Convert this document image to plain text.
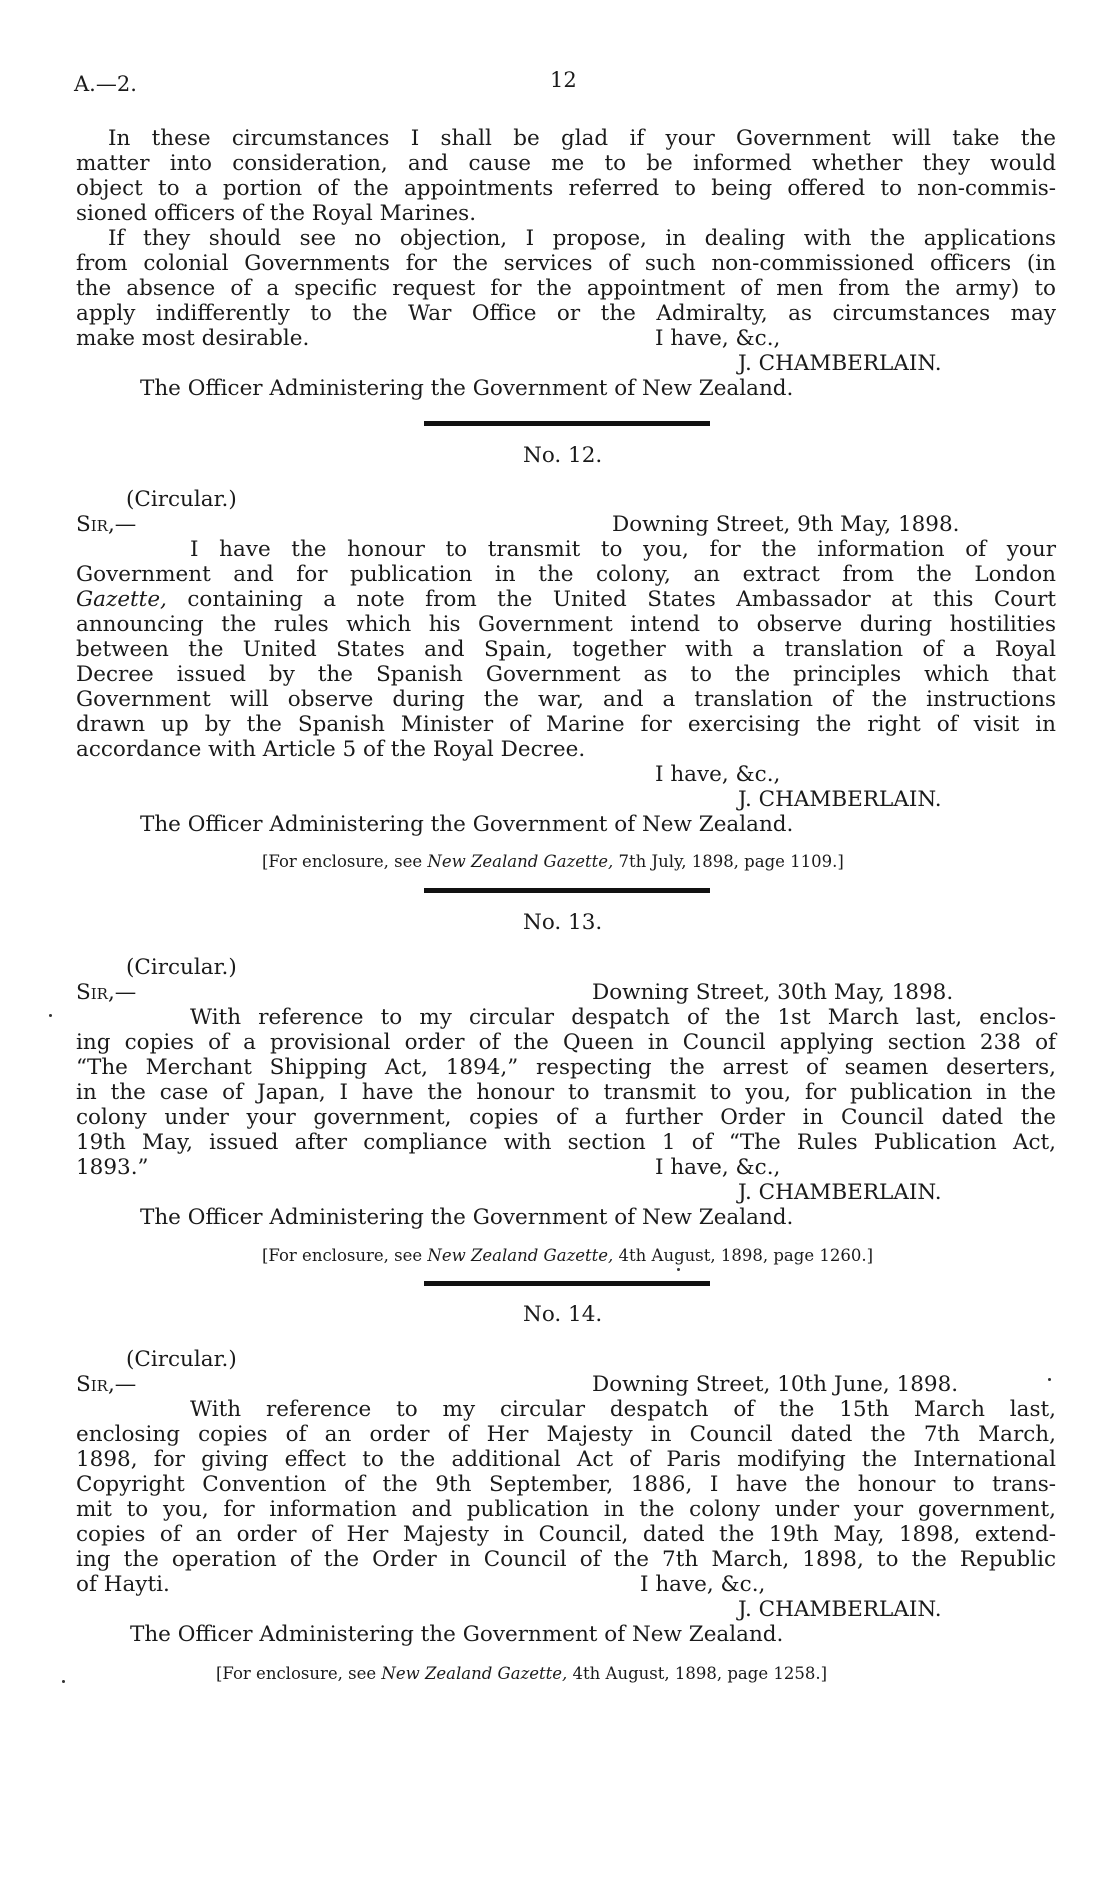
A.—2.	12
In these circumstances I shall be glad if your Government will take the
matter into consideration, and cause me to be informed whether they would
object to a portion of the appointments referred to being offered to non-commis-
sioned officers of the Royal Marines.
If they should see no objection, I propose, in dealing with the applications
from colonial Governments for the services of such non-commissioned officers (in
the absence of a specific request for the appointment of men from the army) to
apply indifferently to the War Office or the Admiralty, as circumstances may
make most desirable.	I have, &c.,
J. CHAMBERLAIN.
The Officer Administering the Government of New Zealand.
No. 12.
(Circular.)
Sir,—	Downing Street, 9th May, 1898.
I have the honour to transmit to you, for the information of your
Government and for publication in the colony, an extract from the London
Gazette, containing a note from the United States Ambassador at this Court
announcing the rules which his Government intend to observe during hostilities
between the United States and Spain, together with a translation of a Royal
Decree issued by the Spanish Government as to the principles which that
Government will observe during the war, and a translation of the instructions
drawn up by the Spanish Minister of Marine for exercising the right of visit in
accordance with Article 5 of the Royal Decree.
I have, &c.,
J. CHAMBERLAIN.
The Officer Administering the Government of New Zealand.
[For enclosure, see New Zealand Gazette, 7th July, 1898, page 1109.]
No. 13.
(Circular.)
Sir,—	Downing Street, 30th May, 1898.
With reference to my circular despatch of the 1st March last, enclos-
ing copies of a provisional order of the Queen in Council applying section 238 of
“The Merchant Shipping Act, 1894,” respecting the arrest of seamen deserters,
in the case of Japan, I have the honour to transmit to you, for publication in the
colony under your government, copies of a further Order in Council dated the
19th May, issued after compliance with section 1 of “The Rules Publication Act,
1893.”	I have, &c.,
J. CHAMBERLAIN.
The Officer Administering the Government of New Zealand.
[For enclosure, see New Zealand Gazette, 4th August, 1898, page 1260.]
No. 14.
(Circular.)
Sir,—	Downing Street, 10th June, 1898.
With reference to my circular despatch of the 15th March last,
enclosing copies of an order of Her Majesty in Council dated the 7th March,
1898, for giving effect to the additional Act of Paris modifying the International
Copyright Convention of the 9th September, 1886, I have the honour to trans-
mit to you, for information and publication in the colony under your government,
copies of an order of Her Majesty in Council, dated the 19th May, 1898, extend-
ing the operation of the Order in Council of the 7th March, 1898, to the Republic
of Hayti.	I have, &c.,
J. CHAMBERLAIN.
The Officer Administering the Government of New Zealand.
[For enclosure, see New Zealand Gazette, 4th August, 1898, page 1258.]
